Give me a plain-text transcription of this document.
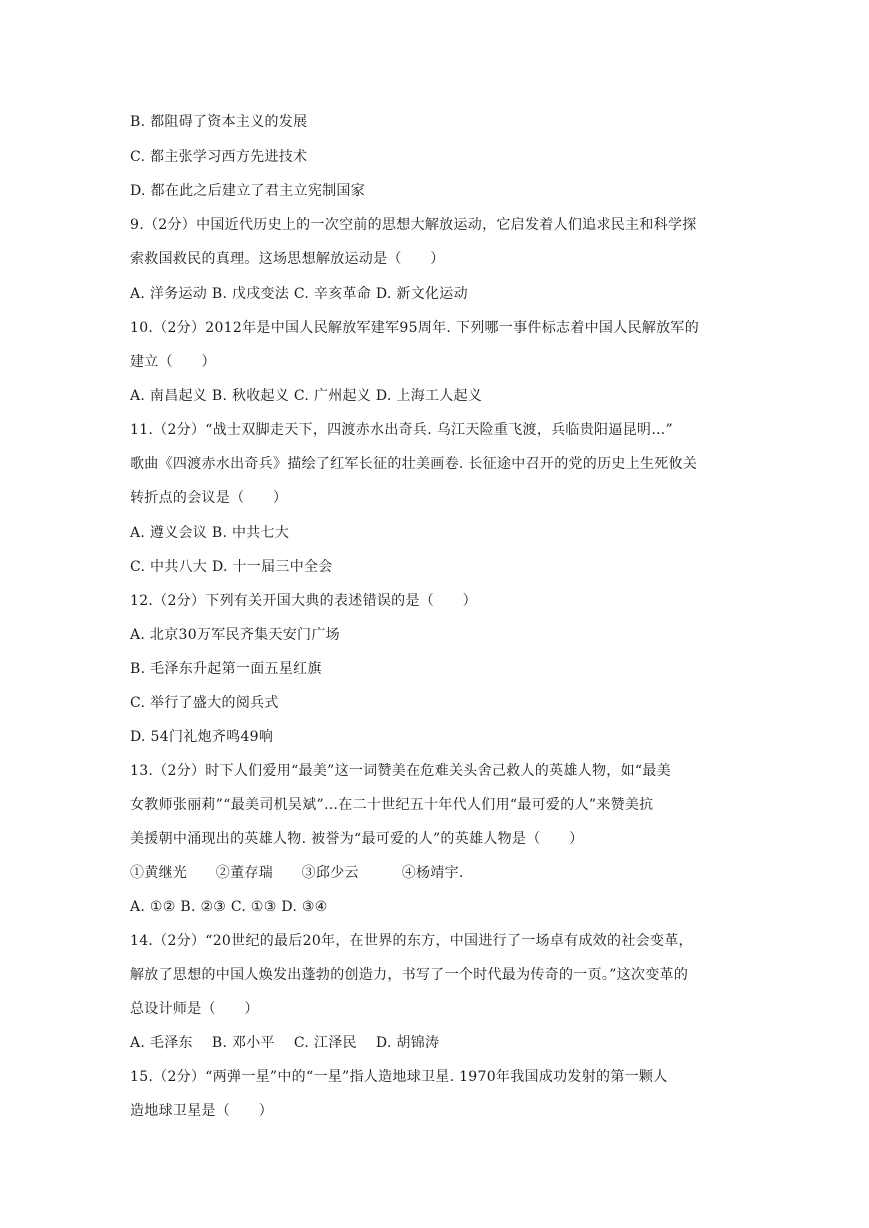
B. 都阻碍了资本主义的发展
C. 都主张学习西方先进技术
D. 都在此之后建立了君主立宪制国家
9.（2分）中国近代历史上的一次空前的思想大解放运动，它启发着人们追求民主和科学探
索救国救民的真理。这场思想解放运动是（　　）
A. 洋务运动 B. 戊戌变法 C. 辛亥革命 D. 新文化运动
10.（2分）2012年是中国人民解放军建军95周年. 下列哪一事件标志着中国人民解放军的
建立（　　）
A. 南昌起义 B. 秋收起义 C. 广州起义 D. 上海工人起义
11.（2分）“战士双脚走天下，四渡赤水出奇兵. 乌江天险重飞渡，兵临贵阳逼昆明…”
歌曲《四渡赤水出奇兵》描绘了红军长征的壮美画卷. 长征途中召开的党的历史上生死攸关
转折点的会议是（　　）
A. 遵义会议 B. 中共七大
C. 中共八大 D. 十一届三中全会
12.（2分）下列有关开国大典的表述错误的是（　　）
A. 北京30万军民齐集天安门广场
B. 毛泽东升起第一面五星红旗
C. 举行了盛大的阅兵式
D. 54门礼炮齐鸣49响
13.（2分）时下人们爱用“最美”这一词赞美在危难关头舍己救人的英雄人物，如“最美
女教师张丽莉”“最美司机吴斌”…在二十世纪五十年代人们用“最可爱的人”来赞美抗
美援朝中涌现出的英雄人物. 被誉为“最可爱的人”的英雄人物是（　　）
①黄继光　　②董存瑞　　③邱少云　　　④杨靖宇.
A. ①② B. ②③ C. ①③ D. ③④
14.（2分）“20世纪的最后20年，在世界的东方，中国进行了一场卓有成效的社会变革，
解放了思想的中国人焕发出蓬勃的创造力，书写了一个时代最为传奇的一页。”这次变革的
总设计师是（　　）
A. 毛泽东　 B. 邓小平　 C. 江泽民　 D. 胡锦涛
15.（2分）“两弹一星”中的“一星”指人造地球卫星. 1970年我国成功发射的第一颗人
造地球卫星是（　　）
